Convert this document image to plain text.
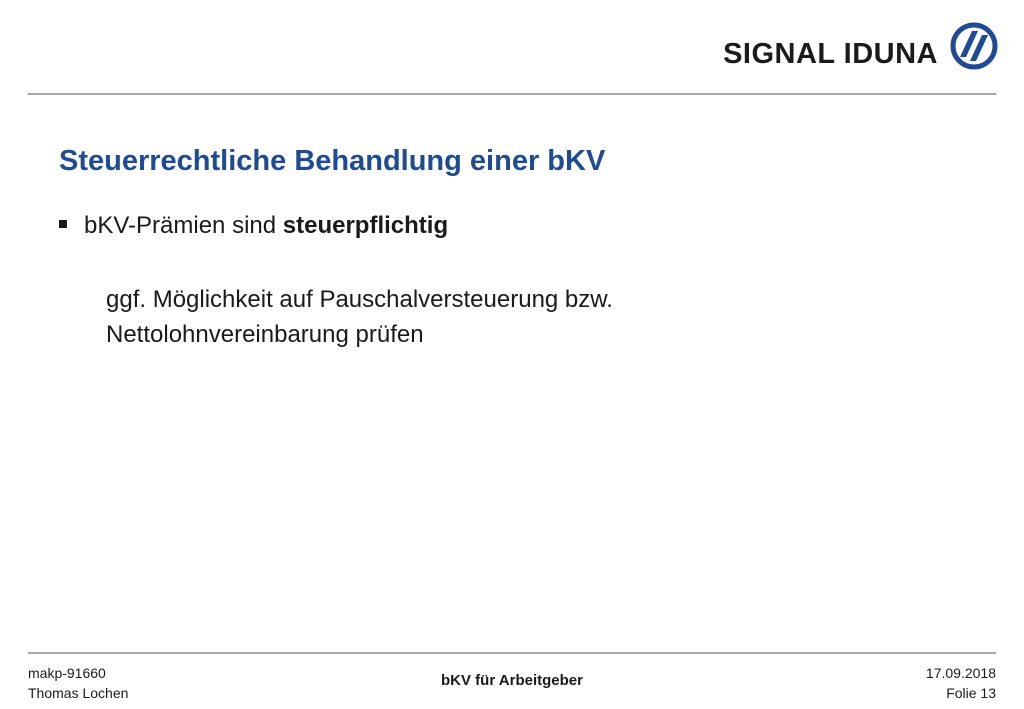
SIGNAL IDUNA
Steuerrechtliche Behandlung einer bKV
bKV-Prämien sind steuerpflichtig
ggf. Möglichkeit auf Pauschalversteuerung bzw.
Nettolohnvereinbarung prüfen
makp-91660
Thomas Lochen
bKV für Arbeitgeber	17.09.2018
Folie 13
